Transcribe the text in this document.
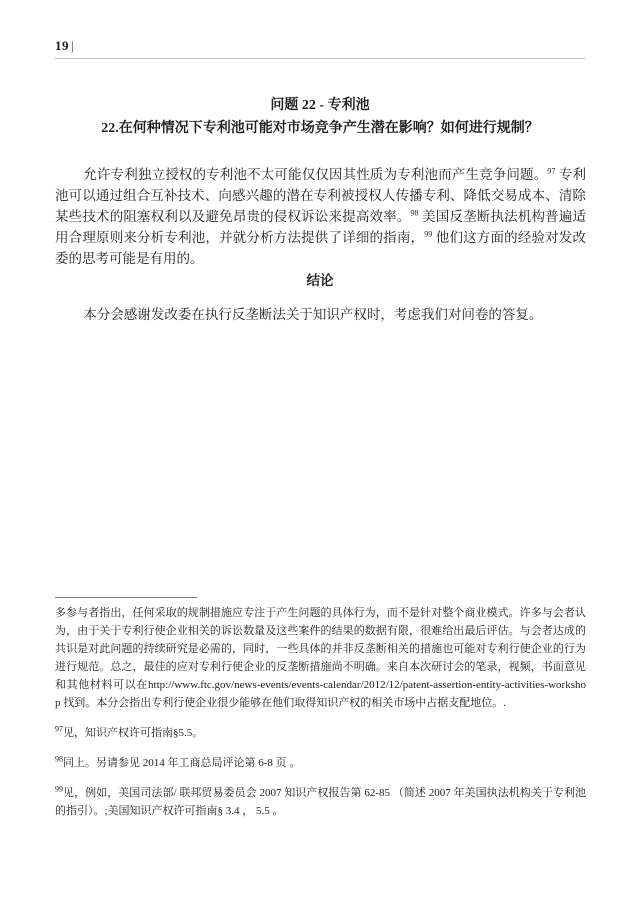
19 |
问题 22 - 专利池
22.在何种情况下专利池可能对市场竞争产生潜在影响？如何进行规制？

允许专利独立授权的专利池不太可能仅仅因其性质为专利池而产生竞争问题。$^{97}$ 专利池可以通过组合互补技术、向感兴趣的潜在专利被授权人传播专利、降低交易成本、清除某些技术的阻塞权利以及避免昂贵的侵权诉讼来提高效率。$^{98}$ 美国反垄断执法机构普遍适用合理原则来分析专利池，并就分析方法提供了详细的指南，$^{99}$ 他们这方面的经验对发改委的思考可能是有用的。

结论

本分会感谢发改委在执行反垄断法关于知识产权时，考虑我们对问卷的答复。

多参与者指出，任何采取的规制措施应专注于产生问题的具体行为，而不是针对整个商业模式。许多与会者认为，由于关于专利行使企业相关的诉讼数量及这些案件的结果的数据有限，很难给出最后评估。与会者达成的共识是对此问题的持续研究是必需的，同时，一些具体的并非反垄断相关的措施也可能对专利行使企业的行为进行规范。总之，最佳的应对专利行使企业的反垄断措施尚不明确。来自本次研讨会的笔录，视频，书面意见和其他材料可以在http://www.ftc.gov/news-events/events-calendar/2012/12/patent-assertion-entity-activities-workshop 找到。本分会指出专利行使企业很少能够在他们取得知识产权的相关市场中占据支配地位。.

$^{97}$见，知识产权许可指南§5.5。

$^{98}$同上。另请参见 2014 年工商总局评论第 6-8 页 。

$^{99}$见，例如，美国司法部/ 联邦贸易委员会 2007 知识产权报告第 62-85 （简述 2007 年美国执法机构关于专利池的指引）。;美国知识产权许可指南§ 3.4 ， 5.5 。
